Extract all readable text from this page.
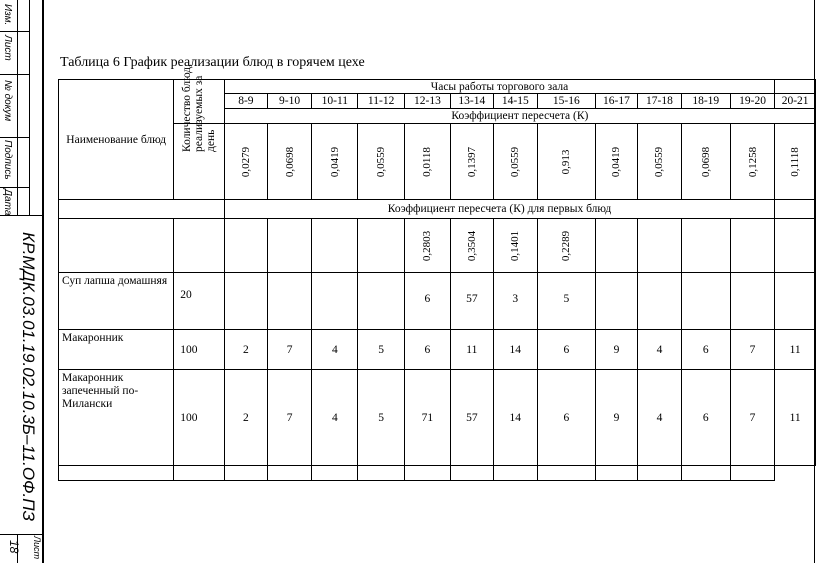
Изм.
Лист
№ докум
Подпись
Дата
КР.МДК.03.01.19.02.10.3Б–11.ОФ.ПЗ
Лист
18
Таблица 6 График реализации блюд в горячем цехе
Наименование блюд	Количество блюд, реализуемых за день	Часы работы торгового зала												
		8-9	9-10	10-11	11-12	12-13	13-14	14-15	15-16	16-17	17-18	18-19	19-20	20-21
		Коэффициент пересчета (К)												

		0,0279	0,0698	0,0419	0,0559	0,0118	0,1397	0,0559	0,913	0,0419	0,0559	0,0698	0,1258	0,1118

		Коэффициент пересчета (К) для первых блюд												

						0,2803	0,3504	0,1401	0,2289					

Суп лапша домашняя	20					6	57	3	5					
Макаронник	100	2	7	4	5	6	11	14	6	9	4	6	7	11
Макаронник запеченный по-Милански	100	2	7	4	5	71	57	14	6	9	4	6	7	11
